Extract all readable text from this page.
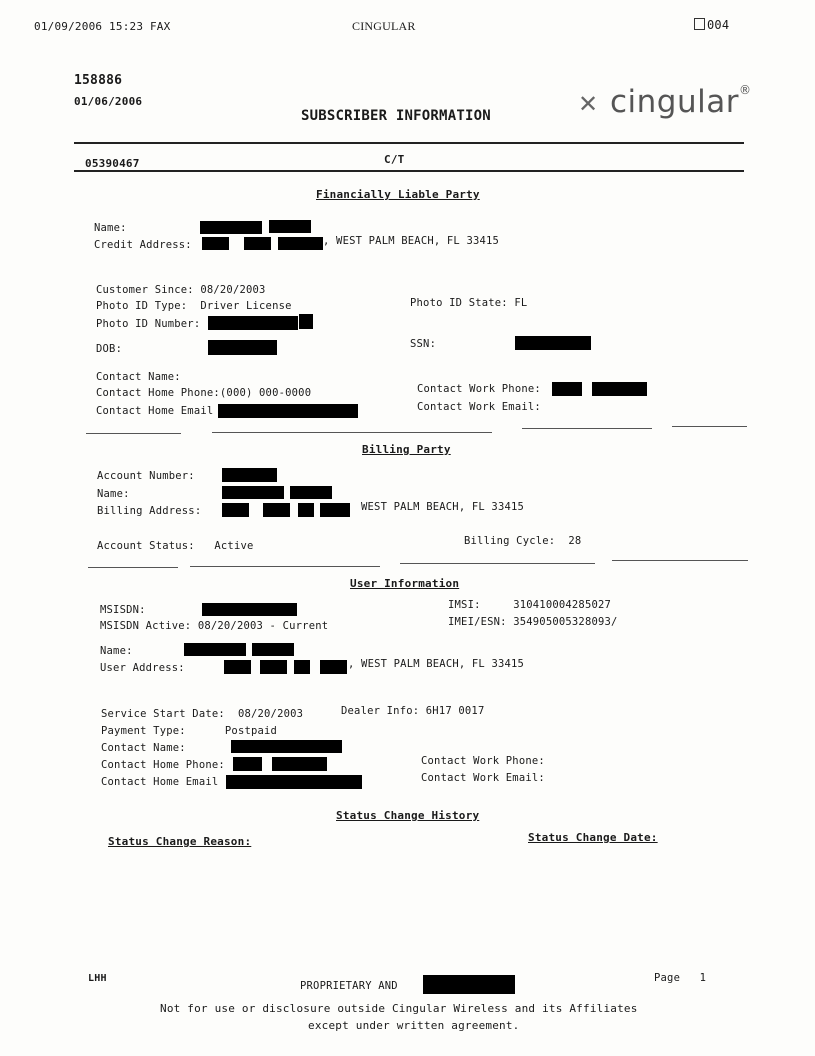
01/09/2006 15:23 FAX	CINGULAR	004
158886
01/06/2006
SUBSCRIBER INFORMATION	✕ cingular®
05390467	C/T
Financially Liable Party
Name:
Credit Address:	, WEST PALM BEACH, FL 33415
Customer Since: 08/20/2003
Photo ID Type:  Driver License	Photo ID State: FL
Photo ID Number:
DOB:	SSN:
Contact Name:
Contact Home Phone:(000) 000-0000	Contact Work Phone:
Contact Home Email	Contact Work Email:
Billing Party
Account Number:
Name:
Billing Address:	WEST PALM BEACH, FL 33415
Account Status:   Active	Billing Cycle:  28
User Information
MSISDN:	IMSI:     310410004285027
MSISDN Active: 08/20/2003 - Current	IMEI/ESN: 354905005328093/
Name:
User Address:	, WEST PALM BEACH, FL 33415
Service Start Date:  08/20/2003	Dealer Info: 6H17 0017
Payment Type:      Postpaid
Contact Name:
Contact Home Phone:	Contact Work Phone:
Contact Home Email	Contact Work Email:
Status Change History
Status Change Reason:	Status Change Date:
LHH
PROPRIETARY AND
Page   1
Not for use or disclosure outside Cingular Wireless and its Affiliates
except under written agreement.
